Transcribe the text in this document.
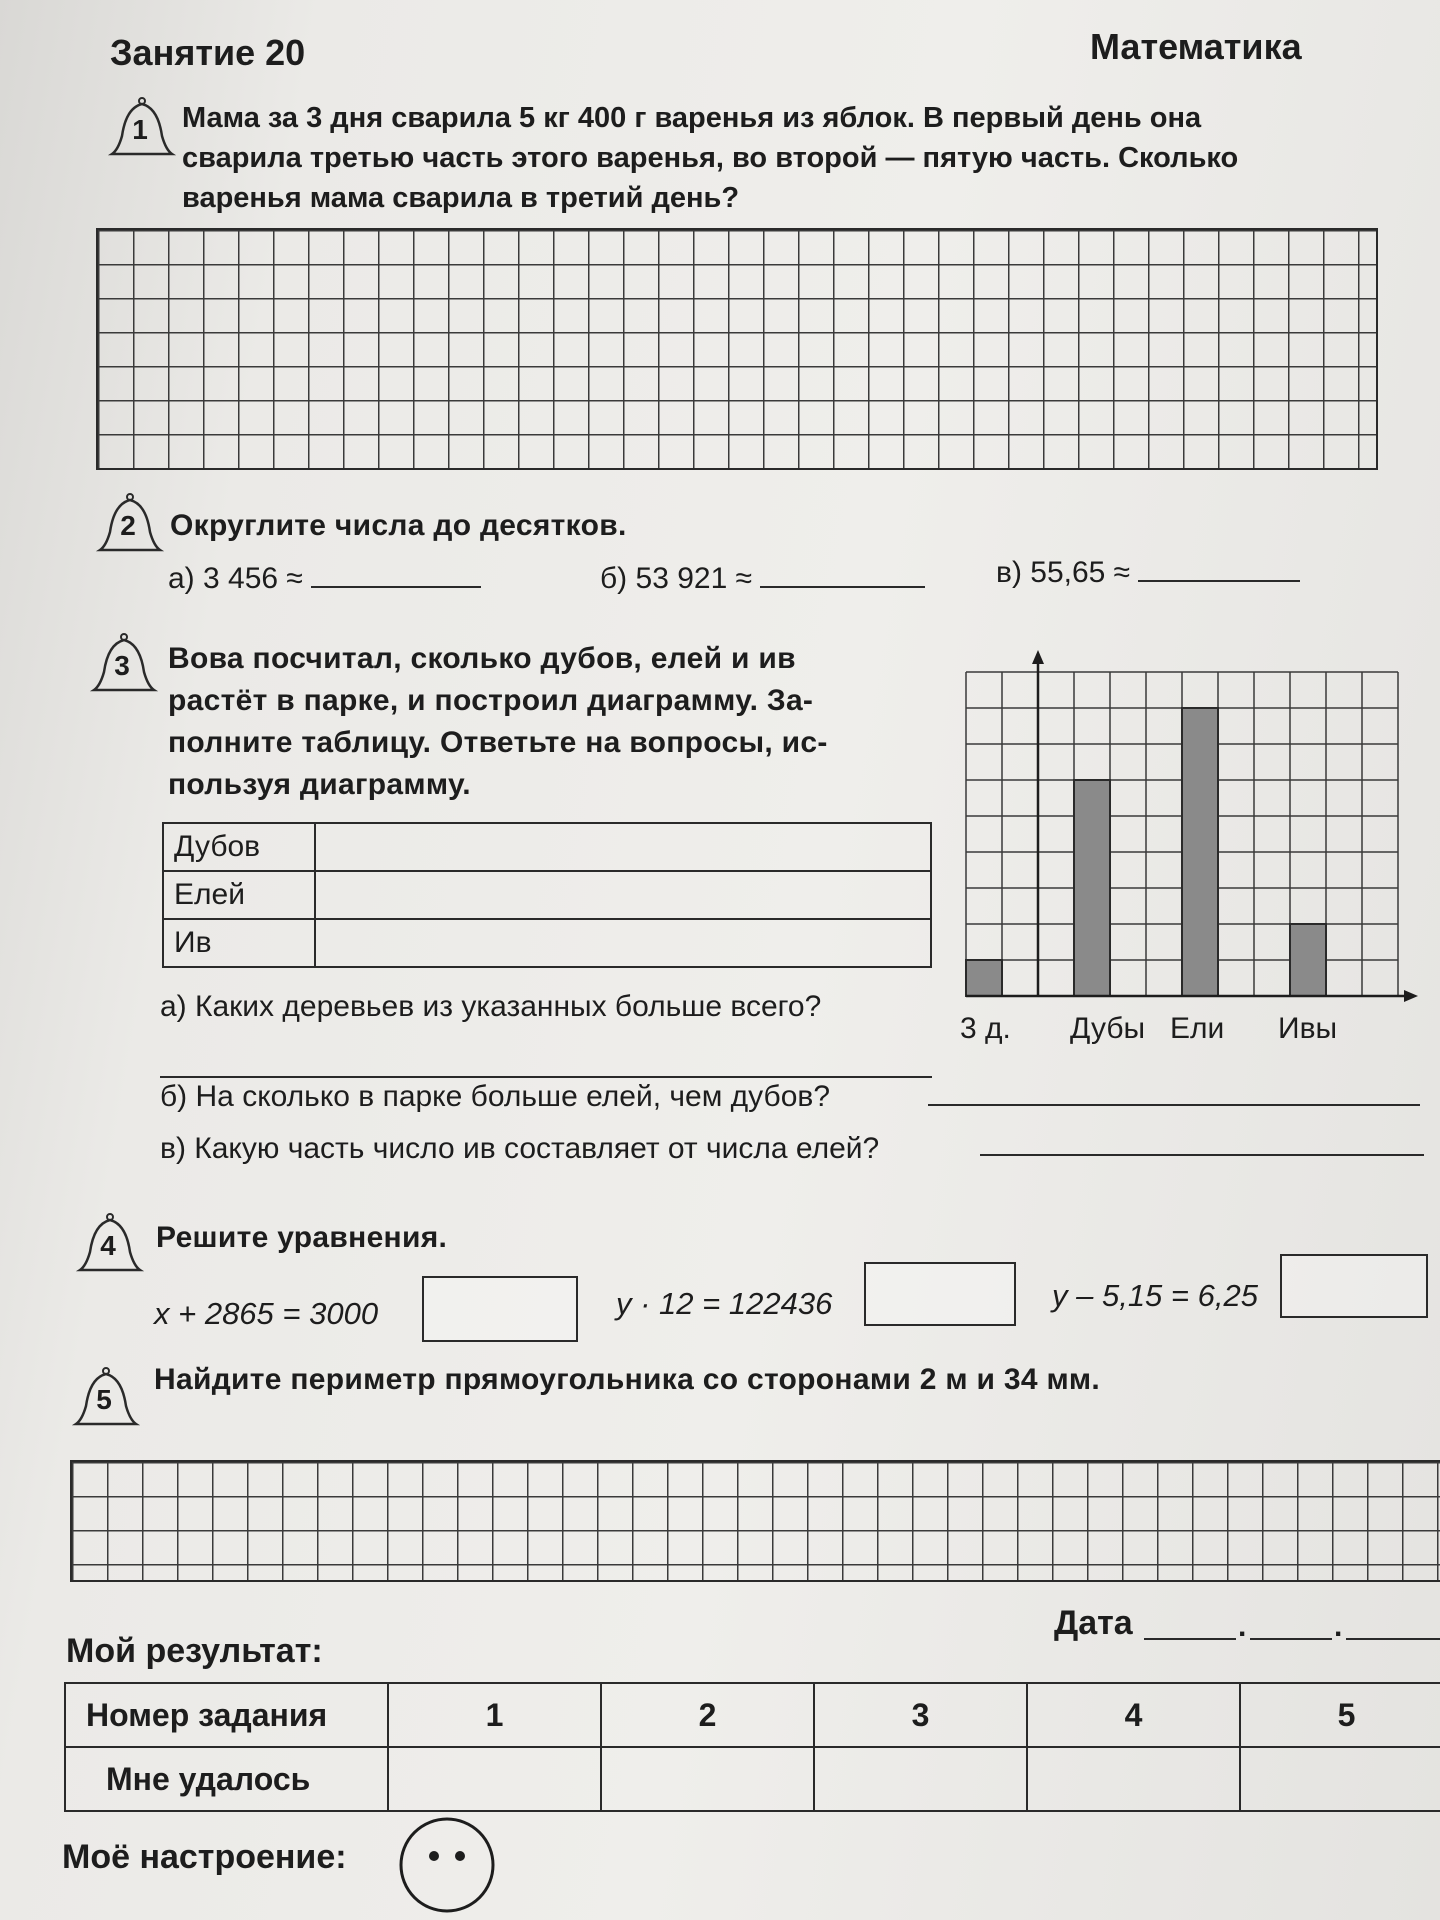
Занятие 20	Математика
1	Мама за 3 дня сварила 5 кг 400 г варенья из яблок. В первый день она
сварила третью часть этого варенья, во второй — пятую часть. Сколько
варенья мама сварила в третий день?
2	Округлите числа до десятков.
а) 3 456 ≈	б) 53 921 ≈	в) 55,65 ≈
3	Вова посчитал, сколько дубов, елей и ив
растёт в парке, и построил диаграмму. За-
полните таблицу. Ответьте на вопросы, ис-
пользуя диаграмму.
Дубов	
Елей	
Ив	
3 д. Дубы Ели Ивы
а) Каких деревьев из указанных больше всего?
б) На сколько в парке больше елей, чем дубов?
в) Какую часть число ив составляет от числа елей?
4	Решите уравнения.
x + 2865 = 3000	y · 12 = 122436	y – 5,15 = 6,25
5
Найдите периметр прямоугольника со сторонами 2 м и 34 мм.
Дата	.	.
Мой результат:
Номер задания	1	2	3	4	5
Мне удалось					
Моё настроение:
